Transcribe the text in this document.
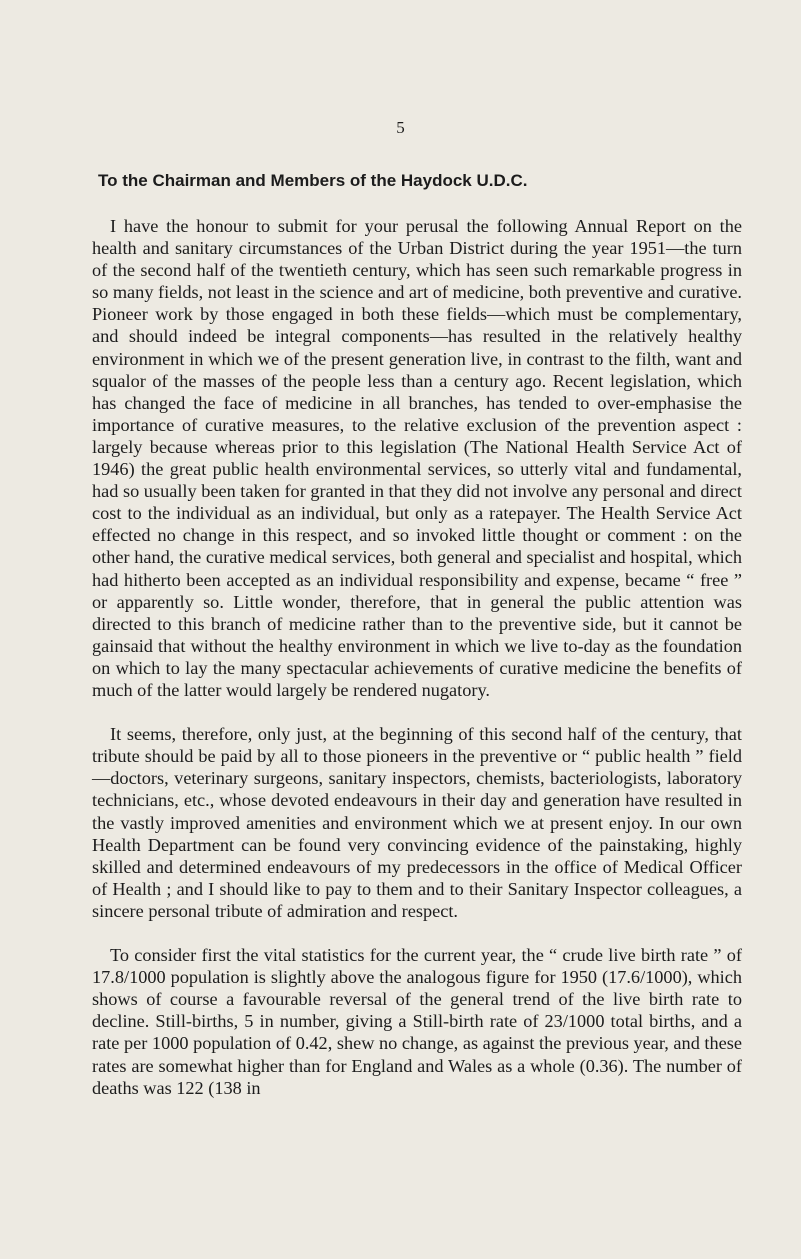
5
To the Chairman and Members of the Haydock U.D.C.

I have the honour to submit for your perusal the following Annual Report on the health and sanitary circumstances of the Urban District during the year 1951—the turn of the second half of the twentieth century, which has seen such remarkable progress in so many fields, not least in the science and art of medicine, both preventive and curative. Pioneer work by those engaged in both these fields—which must be complementary, and should indeed be integral components—has resulted in the relatively healthy environment in which we of the present generation live, in contrast to the filth, want and squalor of the masses of the people less than a century ago. Recent legislation, which has changed the face of medicine in all branches, has tended to over-emphasise the importance of curative measures, to the relative exclusion of the prevention aspect : largely because whereas prior to this legislation (The National Health Service Act of 1946) the great public health environmental services, so utterly vital and fundamental, had so usually been taken for granted in that they did not involve any personal and direct cost to the individual as an individual, but only as a ratepayer. The Health Service Act effected no change in this respect, and so invoked little thought or comment : on the other hand, the curative medical services, both general and specialist and hospital, which had hitherto been accepted as an individual responsibility and expense, became “ free ” or apparently so. Little wonder, therefore, that in general the public attention was directed to this branch of medicine rather than to the preventive side, but it cannot be gainsaid that without the healthy environment in which we live to-day as the foundation on which to lay the many spectacular achievements of curative medicine the benefits of much of the latter would largely be rendered nugatory.

It seems, therefore, only just, at the beginning of this second half of the century, that tribute should be paid by all to those pioneers in the preventive or “ public health ” field—doctors, veterinary surgeons, sanitary inspectors, chemists, bacteriologists, laboratory technicians, etc., whose devoted endeavours in their day and generation have resulted in the vastly improved amenities and environment which we at present enjoy. In our own Health Department can be found very convincing evidence of the painstaking, highly skilled and determined endeavours of my predecessors in the office of Medical Officer of Health ; and I should like to pay to them and to their Sanitary Inspector colleagues, a sincere personal tribute of admiration and respect.

To consider first the vital statistics for the current year, the “ crude live birth rate ” of 17.8/1000 population is slightly above the analogous figure for 1950 (17.6/1000), which shows of course a favourable reversal of the general trend of the live birth rate to decline. Still-births, 5 in number, giving a Still-birth rate of 23/1000 total births, and a rate per 1000 population of 0.42, shew no change, as against the previous year, and these rates are somewhat higher than for England and Wales as a whole (0.36). The number of deaths was 122 (138 in
